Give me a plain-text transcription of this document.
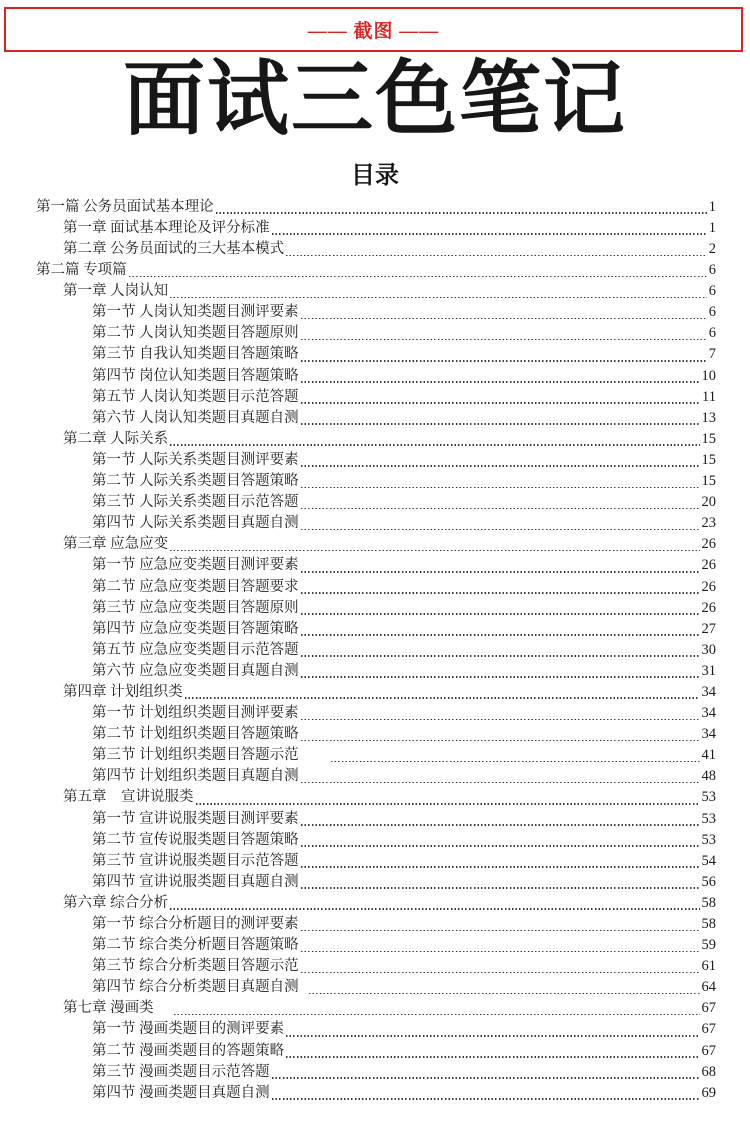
—— 截图 ——
面试三色笔记
目录
第一篇 公务员面试基本理论	1
第一章 面试基本理论及评分标准	1
第二章 公务员面试的三大基本模式	2
第二篇 专项篇	6
第一章 人岗认知	6
第一节 人岗认知类题目测评要素	6
第二节 人岗认知类题目答题原则	6
第三节 自我认知类题目答题策略	7
第四节 岗位认知类题目答题策略	10
第五节 人岗认知类题目示范答题	11
第六节 人岗认知类题目真题自测	13
第二章 人际关系	15
第一节 人际关系类题目测评要素	15
第二节 人际关系类题目答题策略	15
第三节 人际关系类题目示范答题	20
第四节 人际关系类题目真题自测	23
第三章 应急应变	26
第一节 应急应变类题目测评要素	26
第二节 应急应变类题目答题要求	26
第三节 应急应变类题目答题原则	26
第四节 应急应变类题目答题策略	27
第五节 应急应变类题目示范答题	30
第六节 应急应变类题目真题自测	31
第四章 计划组织类	34
第一节 计划组织类题目测评要素	34
第二节 计划组织类题目答题策略	34
第三节 计划组织类题目答题示范	41
第四节 计划组织类题目真题自测	48
第五章　宣讲说服类	53
第一节 宣讲说服类题目测评要素	53
第二节 宣传说服类题目答题策略	53
第三节 宣讲说服类题目示范答题	54
第四节 宣讲说服类题目真题自测	56
第六章 综合分析	58
第一节 综合分析题目的测评要素	58
第二节 综合类分析题目答题策略	59
第三节 综合分析类题目答题示范	61
第四节 综合分析类题目真题自测	64
第七章 漫画类	67
第一节 漫画类题目的测评要素	67
第二节 漫画类题目的答题策略	67
第三节 漫画类题目示范答题	68
第四节 漫画类题目真题自测	69
